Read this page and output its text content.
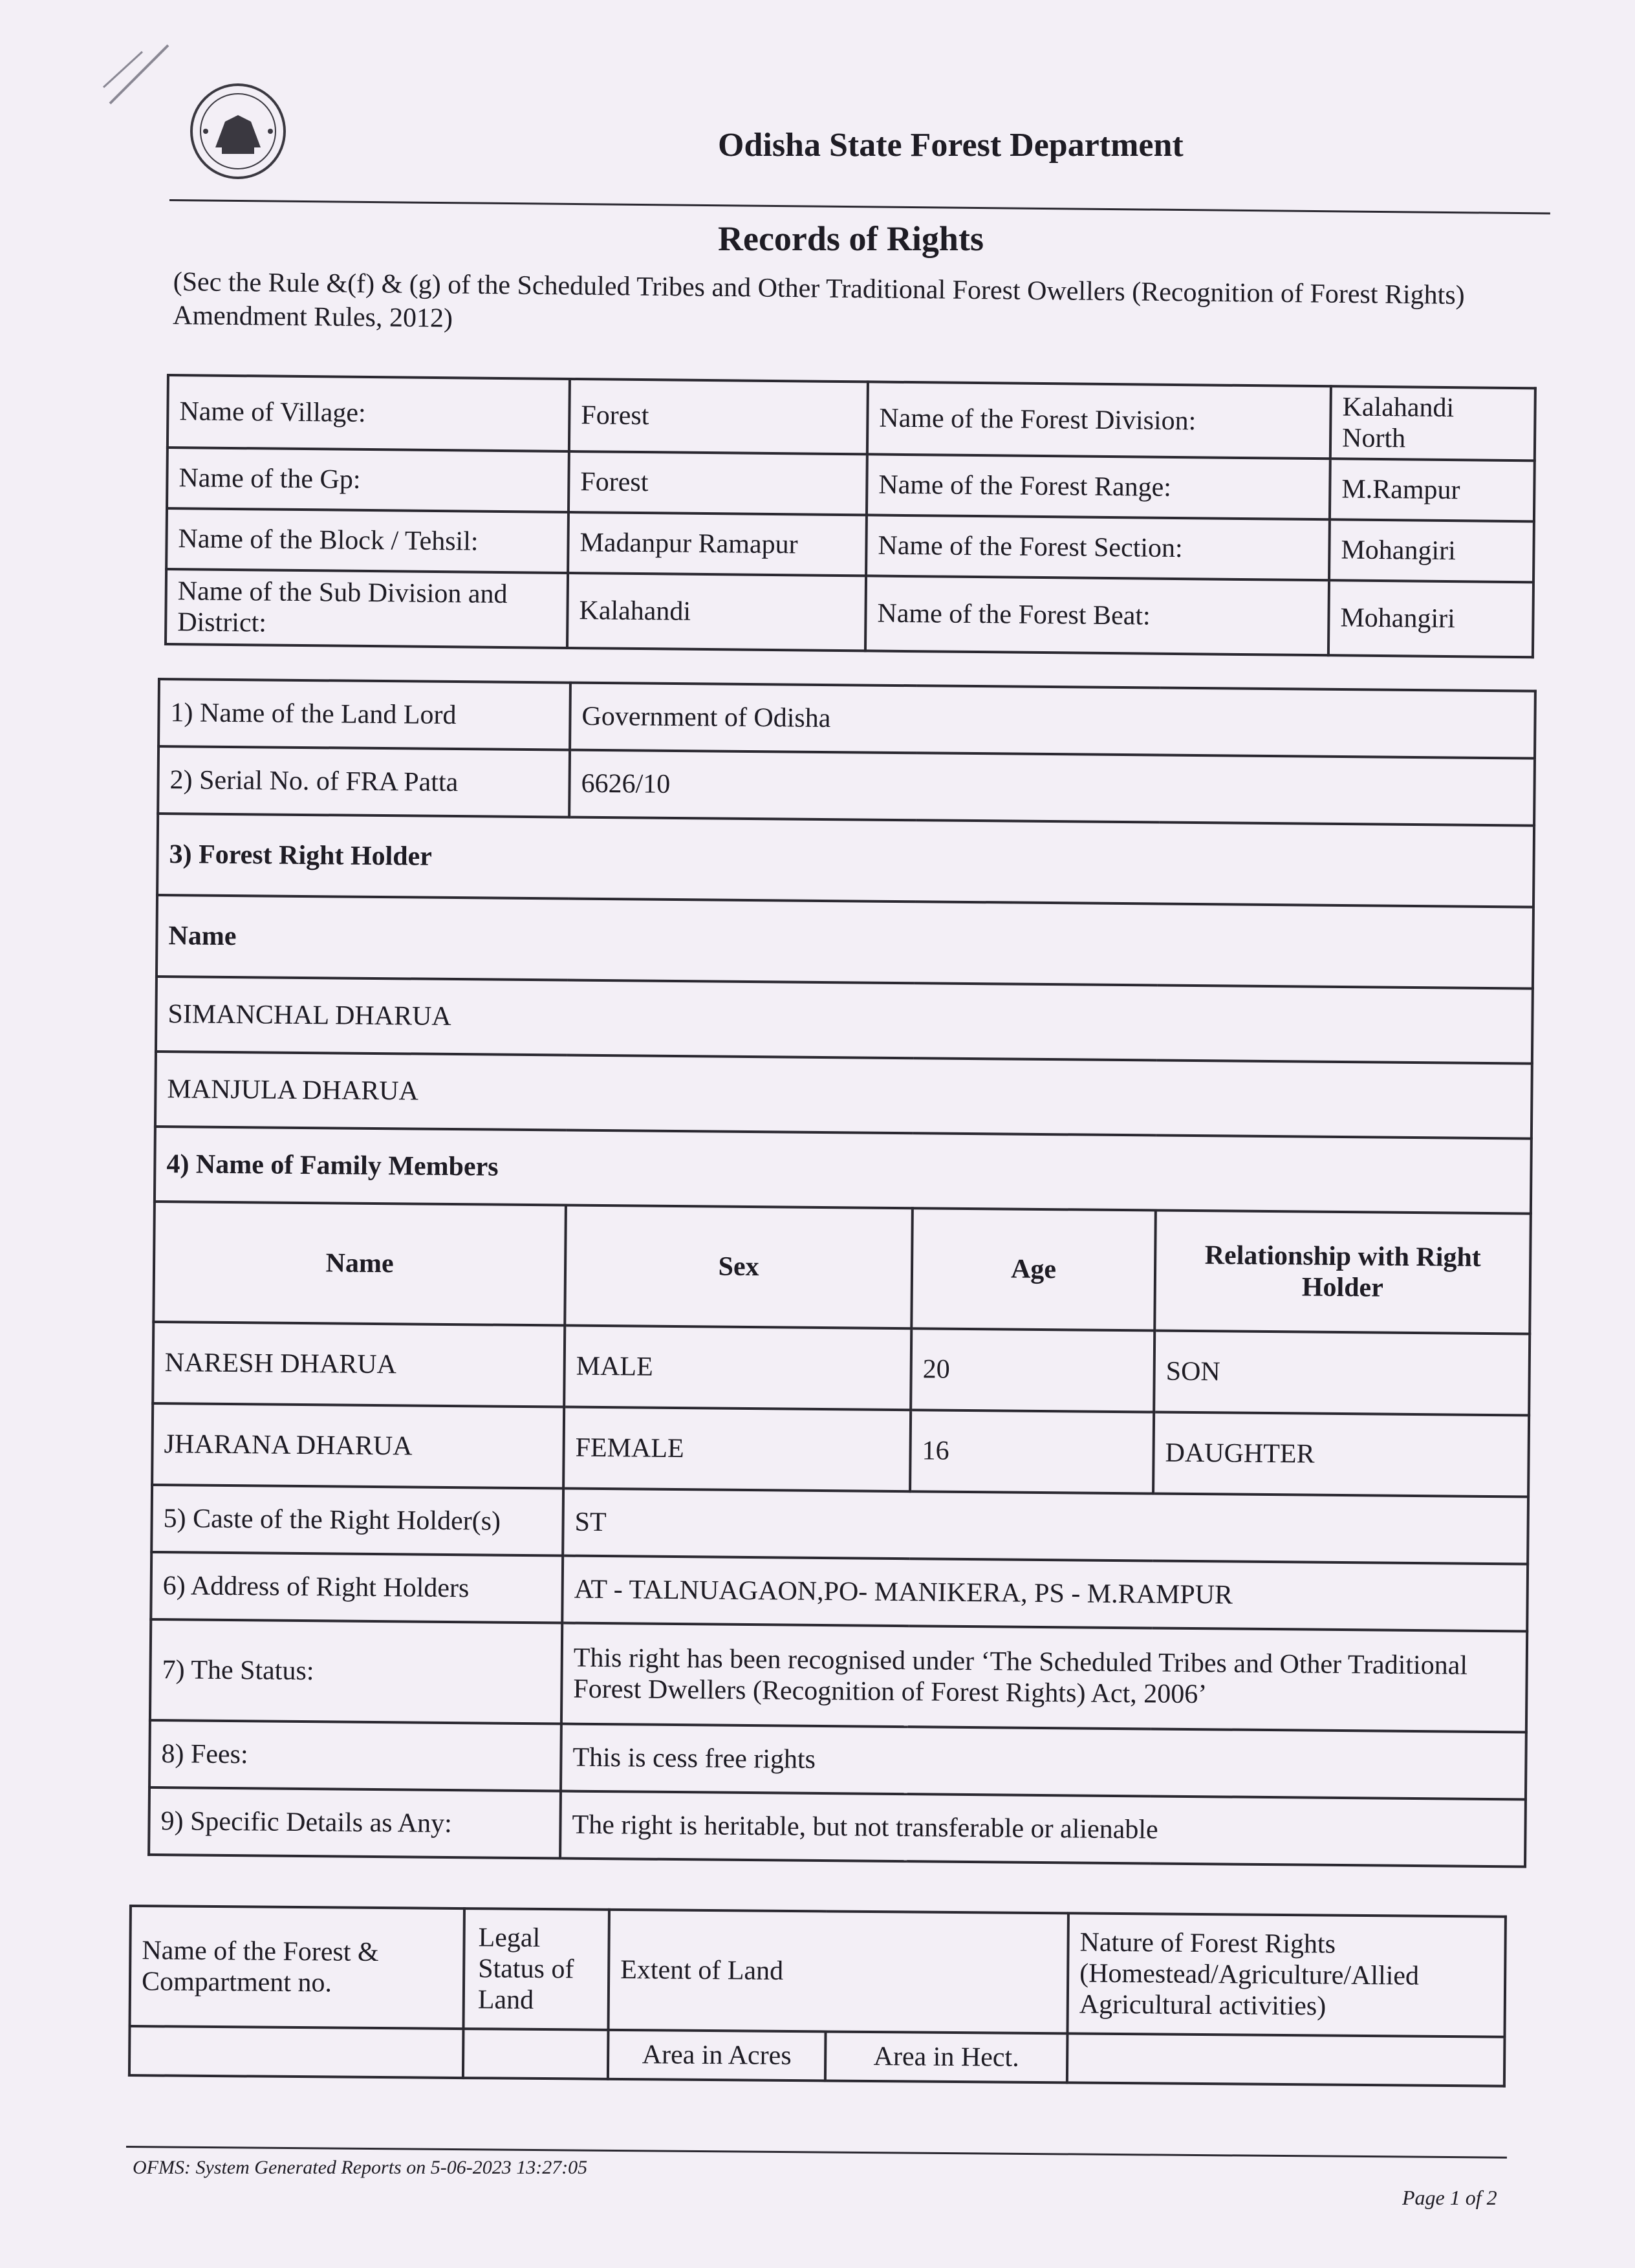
Odisha State Forest Department
Records of Rights
(Sec the Rule &(f) & (g) of the Scheduled Tribes and Other Traditional Forest Owellers (Recognition of Forest Rights) Amendment Rules, 2012)
Name of Village:	Forest	Name of the Forest Division:	Kalahandi North
Name of the Gp:	Forest	Name of the Forest Range:	M.Rampur
Name of the Block / Tehsil:	Madanpur Ramapur	Name of the Forest Section:	Mohangiri
Name of the Sub Division and District:	Kalahandi	Name of the Forest Beat:	Mohangiri
1) Name of the Land Lord	Government of Odisha		
2) Serial No. of FRA Patta	6626/10		
3) Forest Right Holder			
Name			
SIMANCHAL DHARUA			
MANJULA DHARUA			
4) Name of Family Members			
Name	Sex	Age	Relationship with Right Holder
NARESH DHARUA	MALE	20	SON
JHARANA DHARUA	FEMALE	16	DAUGHTER
5) Caste of the Right Holder(s)	ST		
6) Address of Right Holders	AT - TALNUAGAON,PO- MANIKERA, PS - M.RAMPUR		
7) The Status:	This right has been recognised under ‘The Scheduled Tribes and Other Traditional
Forest Dwellers (Recognition of Forest Rights) Act, 2006’		

8) Fees:	This is cess free rights		
9) Specific Details as Any:	The right is heritable, but not transferable or alienable		
Name of the Forest & Compartment no.	Legal Status of Land	Extent of Land		Nature of Forest Rights (Homestead/Agriculture/Allied Agricultural activities)
		Area in Acres	Area in Hect.	
OFMS: System Generated Reports on 5-06-2023 13:27:05
Page 1 of 2
